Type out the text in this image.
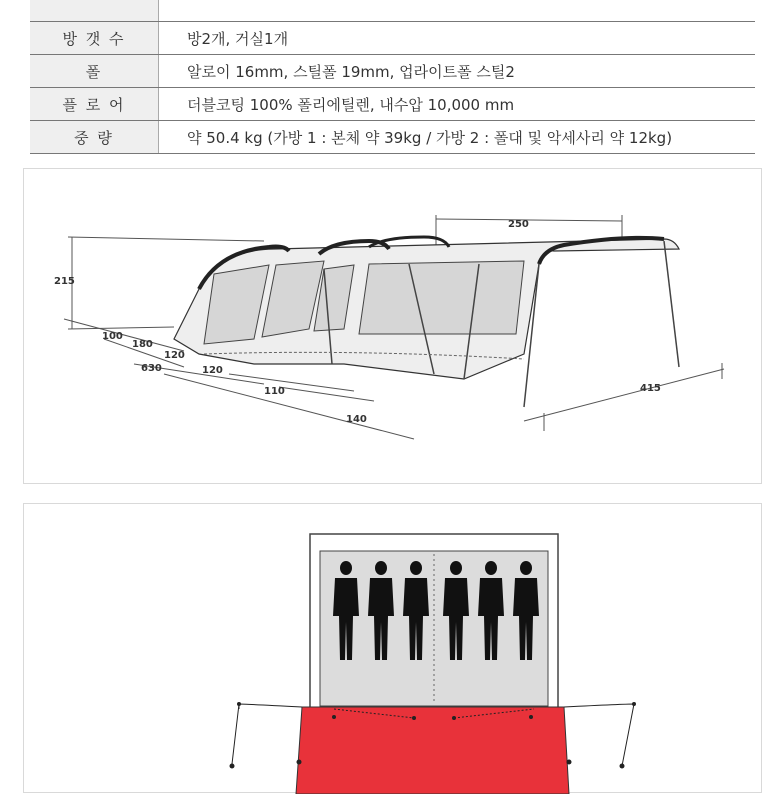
방 갯 수	방2개, 거실1개
폴	알로이 16mm, 스틸폴 19mm, 업라이트폴 스틸2
플 로 어	더블코팅 100% 폴리에틸렌, 내수압 10,000 mm
중 량	약 50.4 kg (가방 1 : 본체 약 39kg / 가방 2 : 폴대 및 악세사리 약 12kg)
215
250
100
180
120
630	120
110
140
415
